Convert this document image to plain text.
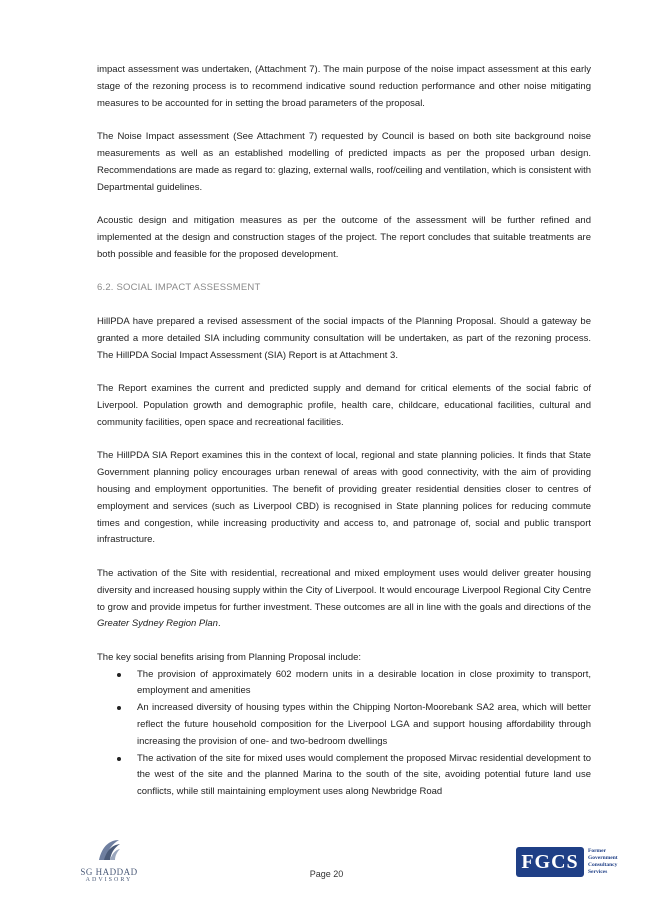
impact assessment was undertaken, (Attachment 7). The main purpose of the noise impact assessment at this early stage of the rezoning process is to recommend indicative sound reduction performance and other noise mitigating measures to be accounted for in setting the broad parameters of the proposal.

The Noise Impact assessment (See Attachment 7) requested by Council is based on both site background noise measurements as well as an established modelling of predicted impacts as per the proposed urban design. Recommendations are made as regard to: glazing, external walls, roof/ceiling and ventilation, which is consistent with Departmental guidelines.

Acoustic design and mitigation measures as per the outcome of the assessment will be further refined and implemented at the design and construction stages of the project. The report concludes that suitable treatments are both possible and feasible for the proposed development.

6.2. SOCIAL IMPACT ASSESSMENT

HillPDA have prepared a revised assessment of the social impacts of the Planning Proposal. Should a gateway be granted a more detailed SIA including community consultation will be undertaken, as part of the rezoning process. The HillPDA Social Impact Assessment (SIA) Report is at Attachment 3.

The Report examines the current and predicted supply and demand for critical elements of the social fabric of Liverpool. Population growth and demographic profile, health care, childcare, educational facilities, cultural and community facilities, open space and recreational facilities.

The HillPDA SIA Report examines this in the context of local, regional and state planning policies. It finds that State Government planning policy encourages urban renewal of areas with good connectivity, with the aim of providing housing and employment opportunities. The benefit of providing greater residential densities closer to centres of employment and services (such as Liverpool CBD) is recognised in State planning polices for reducing commute times and congestion, while increasing productivity and access to, and patronage of, social and public transport infrastructure.

The activation of the Site with residential, recreational and mixed employment uses would deliver greater housing diversity and increased housing supply within the City of Liverpool. It would encourage Liverpool Regional City Centre to grow and provide impetus for further investment. These outcomes are all in line with the goals and directions of the Greater Sydney Region Plan.

The key social benefits arising from Planning Proposal include:

The provision of approximately 602 modern units in a desirable location in close proximity to transport, employment and amenities
An increased diversity of housing types within the Chipping Norton-Moorebank SA2 area, which will better reflect the future household composition for the Liverpool LGA and support housing affordability through increasing the provision of one- and two-bedroom dwellings
The activation of the site for mixed uses would complement the proposed Mirvac residential development to the west of the site and the planned Marina to the south of the site, avoiding potential future land use conflicts, while still maintaining employment uses along Newbridge Road
SG HADDAD
ADVISORY
Page 20
FGCS	Former
Government
Consultancy
Services
